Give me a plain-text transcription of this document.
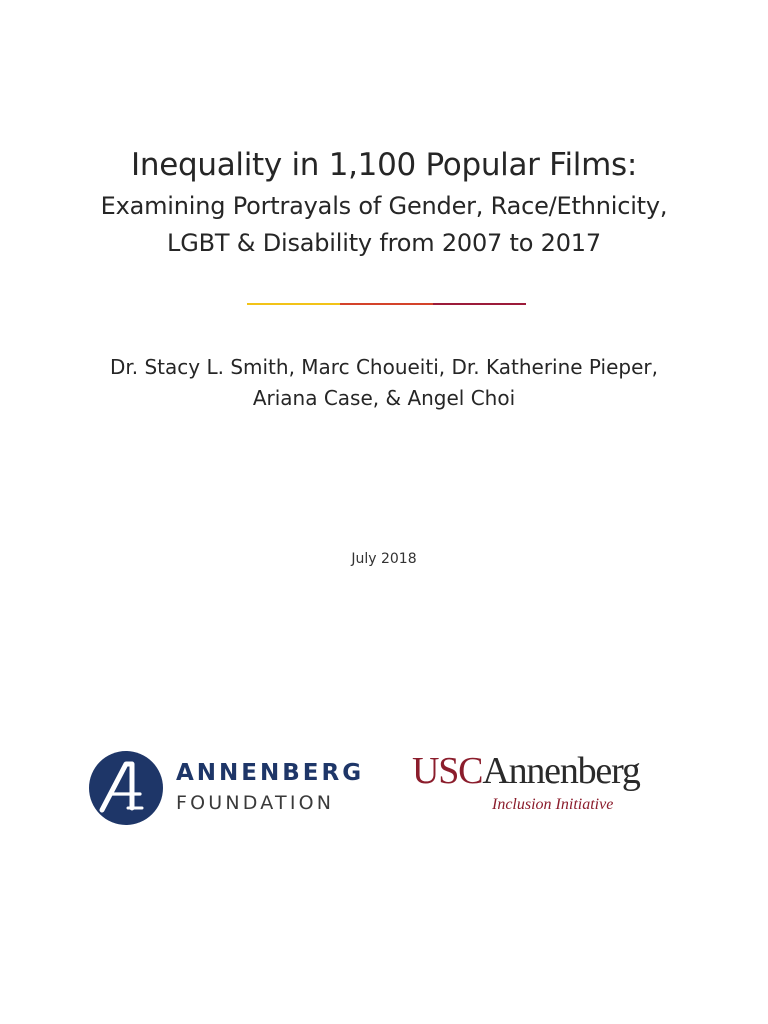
Inequality in 1,100 Popular Films:
Examining Portrayals of Gender, Race/Ethnicity,
LGBT & Disability from 2007 to 2017
Dr. Stacy L. Smith, Marc Choueiti, Dr. Katherine Pieper,
Ariana Case, & Angel Choi
July 2018
ANNENBERG
FOUNDATION
USCAnnenberg
Inclusion Initiative
